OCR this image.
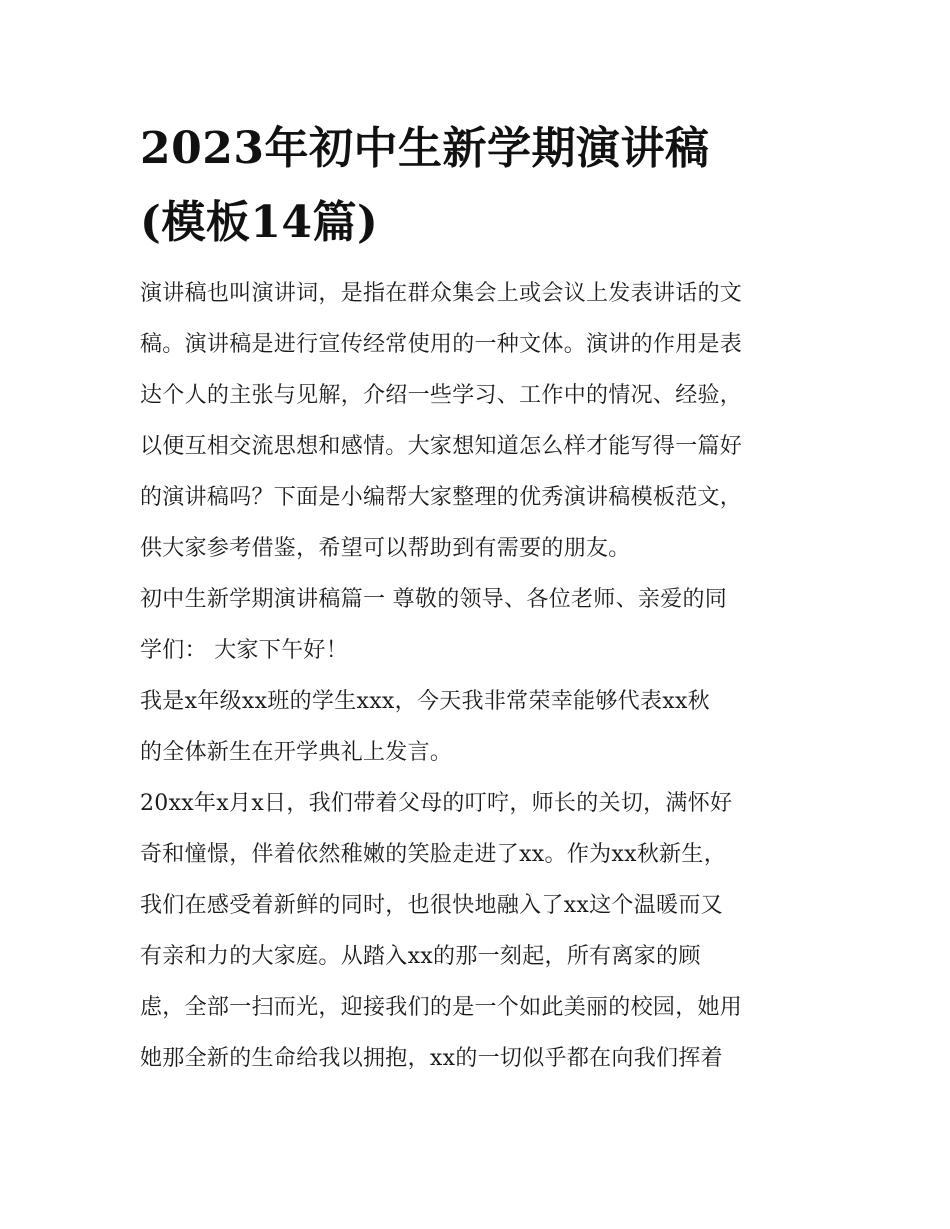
2023年初中生新学期演讲稿
(模板14篇)

演讲稿也叫演讲词，是指在群众集会上或会议上发表讲话的文
稿。演讲稿是进行宣传经常使用的一种文体。演讲的作用是表
达个人的主张与见解，介绍一些学习、工作中的情况、经验，
以便互相交流思想和感情。大家想知道怎么样才能写得一篇好
的演讲稿吗？下面是小编帮大家整理的优秀演讲稿模板范文，
供大家参考借鉴，希望可以帮助到有需要的朋友。

初中生新学期演讲稿篇一 尊敬的领导、各位老师、亲爱的同
学们： 大家下午好！

我是x年级xx班的学生xxx，今天我非常荣幸能够代表xx秋
的全体新生在开学典礼上发言。

20xx年x月x日，我们带着父母的叮咛，师长的关切，满怀好
奇和憧憬，伴着依然稚嫩的笑脸走进了xx。作为xx秋新生，
我们在感受着新鲜的同时，也很快地融入了xx这个温暖而又
有亲和力的大家庭。从踏入xx的那一刻起，所有离家的顾
虑，全部一扫而光，迎接我们的是一个如此美丽的校园，她用
她那全新的生命给我以拥抱，xx的一切似乎都在向我们挥着
